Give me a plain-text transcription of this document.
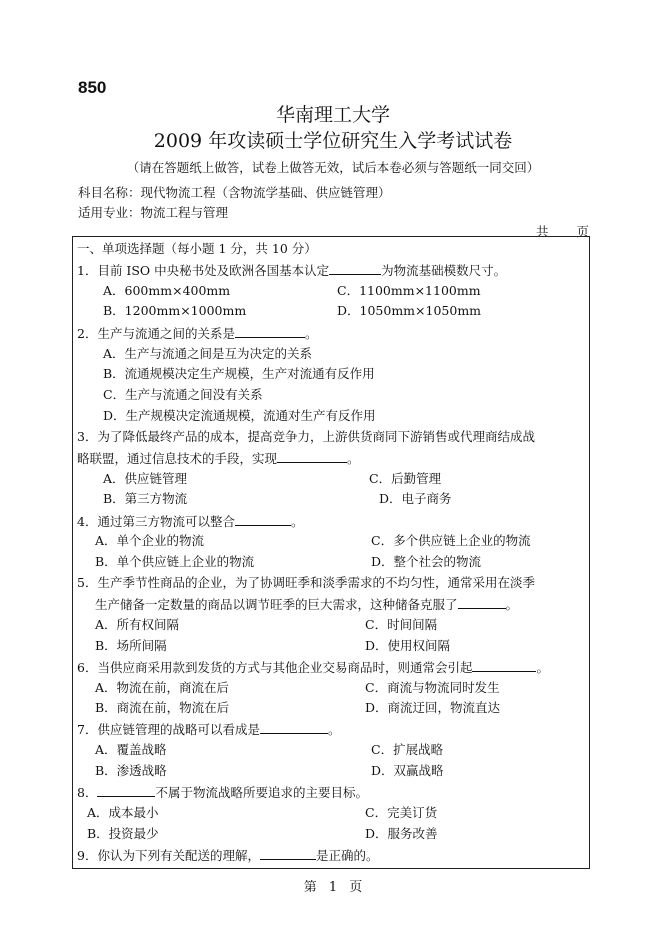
850
华南理工大学
2009 年攻读硕士学位研究生入学考试试卷
（请在答题纸上做答，试卷上做答无效，试后本卷必须与答题纸一同交回）
科目名称：现代物流工程（含物流学基础、供应链管理）
适用专业：物流工程与管理
共 页
一、单项选择题（每小题 1 分，共 10 分）
1．目前 ISO 中央秘书处及欧洲各国基本认定	为物流基础模数尺寸。
A．600mm×400mm	C．1100mm×1100mm
B．1200mm×1000mm	D．1050mm×1050mm
2．生产与流通之间的关系是	。
A．生产与流通之间是互为决定的关系
B．流通规模决定生产规模，生产对流通有反作用
C．生产与流通之间没有关系
D．生产规模决定流通规模，流通对生产有反作用
3．为了降低最终产品的成本，提高竞争力，上游供货商同下游销售或代理商结成战
略联盟，通过信息技术的手段，实现	。
A．供应链管理	C．后勤管理
B．第三方物流	D．电子商务
4．通过第三方物流可以整合	。
A．单个企业的物流	C．多个供应链上企业的物流
B．单个供应链上企业的物流	D．整个社会的物流
5．生产季节性商品的企业，为了协调旺季和淡季需求的不均匀性，通常采用在淡季
生产储备一定数量的商品以调节旺季的巨大需求，这种储备克服了	。
A．所有权间隔	C．时间间隔
B．场所间隔	D．使用权间隔
6．当供应商采用款到发货的方式与其他企业交易商品时，则通常会引起	。
A．物流在前，商流在后	C．商流与物流同时发生
B．商流在前，物流在后	D．商流迂回，物流直达
7．供应链管理的战略可以看成是	。
A．覆盖战略	C．扩展战略
B．渗透战略	D．双赢战略
8．	不属于物流战略所要追求的主要目标。
A．成本最小	C．完美订货
B．投资最少	D．服务改善
9．你认为下列有关配送的理解，	是正确的。
第 1 页
